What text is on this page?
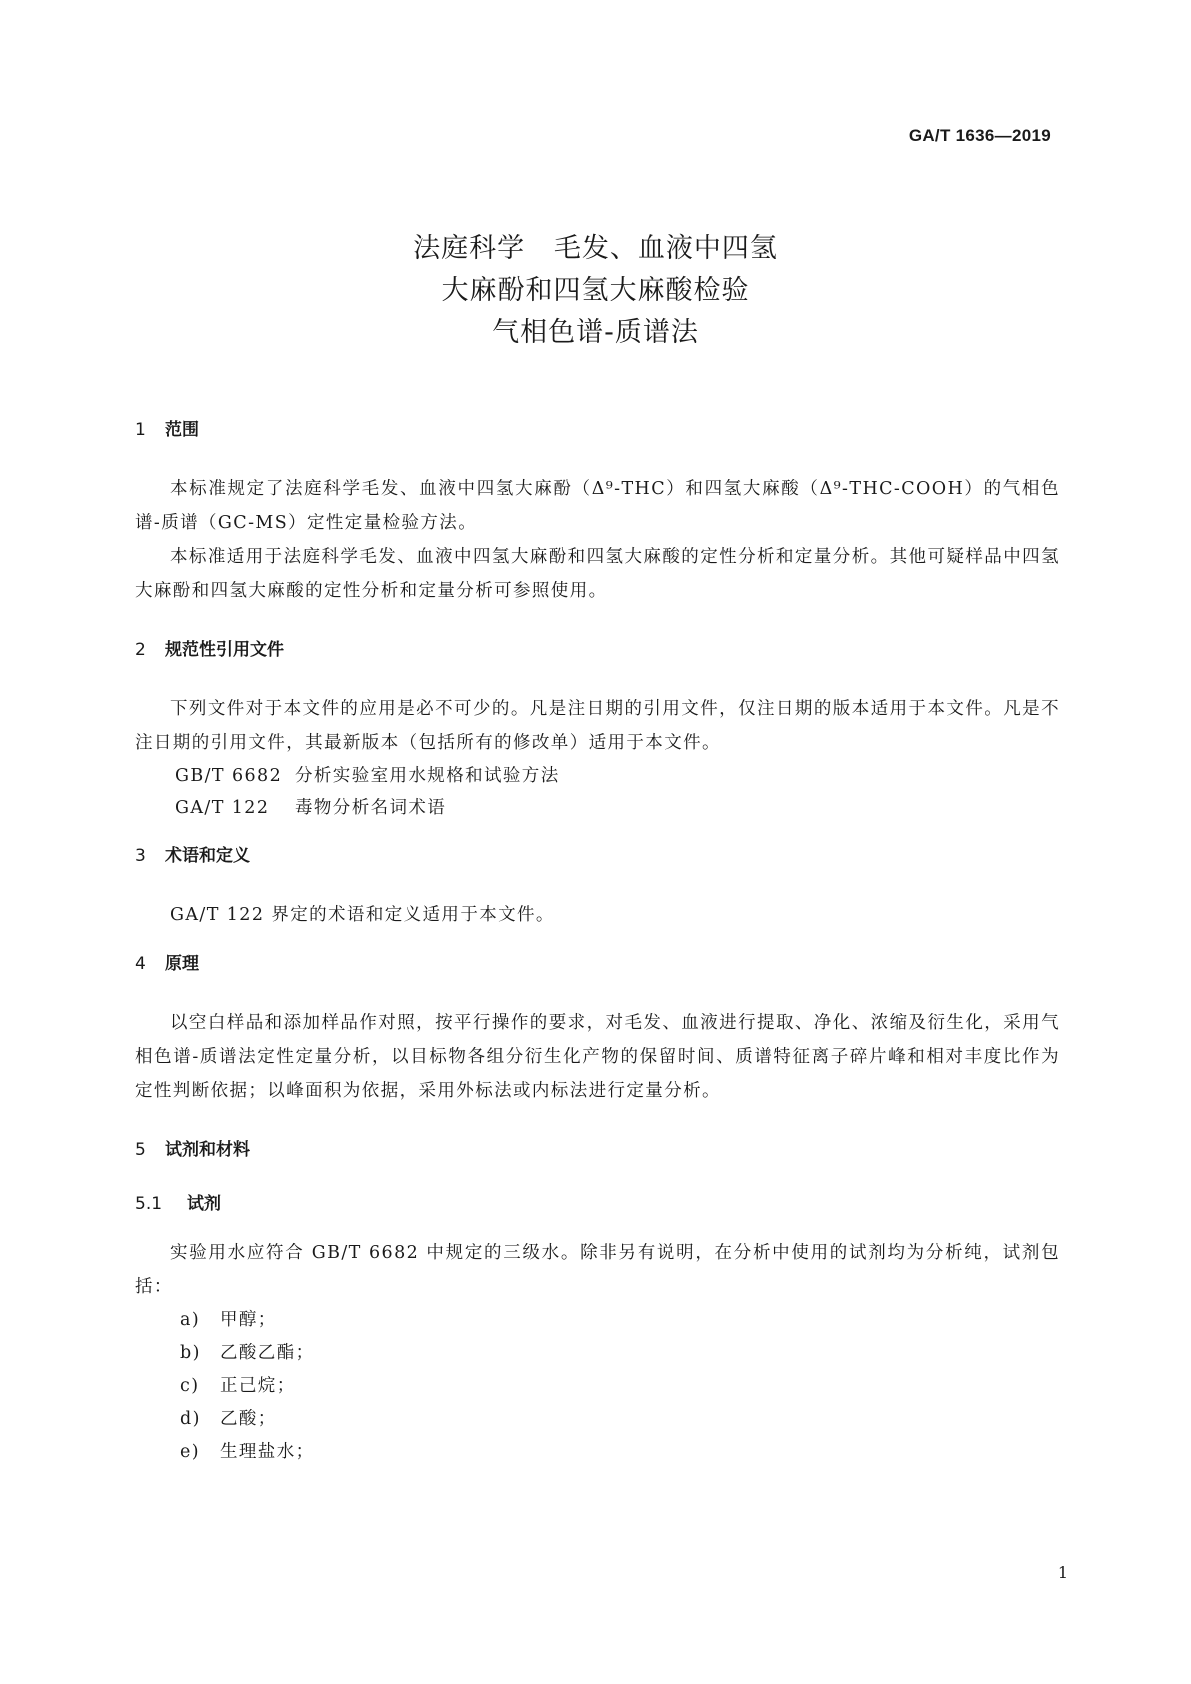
GA/T 1636—2019
法庭科学   毛发、血液中四氢
大麻酚和四氢大麻酸检验
气相色谱-质谱法
1	范围

本标准规定了法庭科学毛发、血液中四氢大麻酚（Δ⁹-THC）和四氢大麻酸（Δ⁹-THC-COOH）的气相色谱-质谱（GC-MS）定性定量检验方法。

本标准适用于法庭科学毛发、血液中四氢大麻酚和四氢大麻酸的定性分析和定量分析。其他可疑样品中四氢大麻酚和四氢大麻酸的定性分析和定量分析可参照使用。

2	规范性引用文件

下列文件对于本文件的应用是必不可少的。凡是注日期的引用文件，仅注日期的版本适用于本文件。凡是不注日期的引用文件，其最新版本（包括所有的修改单）适用于本文件。

GB/T 6682 分析实验室用水规格和试验方法
GA/T 122 毒物分析名词术语
3	术语和定义

GA/T 122 界定的术语和定义适用于本文件。

4	原理

以空白样品和添加样品作对照，按平行操作的要求，对毛发、血液进行提取、净化、浓缩及衍生化，采用气相色谱-质谱法定性定量分析，以目标物各组分衍生化产物的保留时间、质谱特征离子碎片峰和相对丰度比作为定性判断依据；以峰面积为依据，采用外标法或内标法进行定量分析。

5	试剂和材料
5.1	试剂

实验用水应符合 GB/T 6682 中规定的三级水。除非另有说明，在分析中使用的试剂均为分析纯，试剂包括：

a)	甲醇；
b)	乙酸乙酯；
c)	正己烷；
d)	乙酸；
e)	生理盐水；
1
